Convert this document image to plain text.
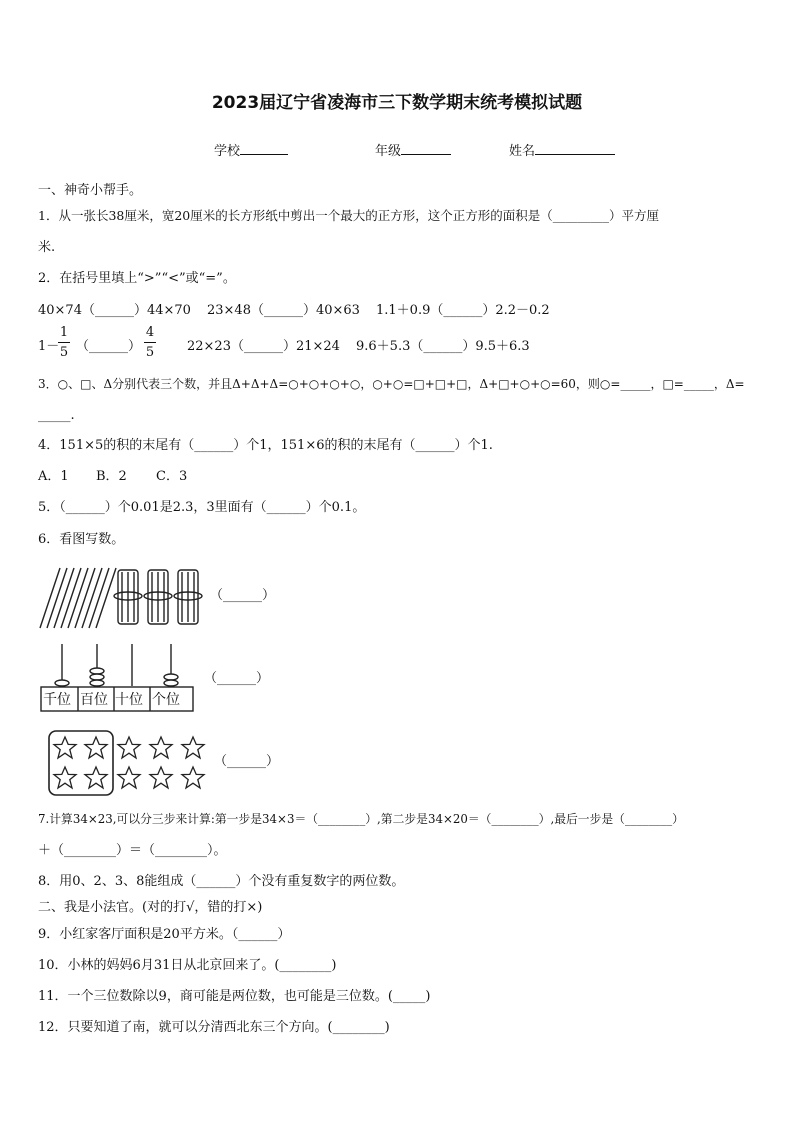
2023届辽宁省凌海市三下数学期末统考模拟试题
学校	年级	姓名
一、神奇小帮手。
1．从一张长38厘米，宽20厘米的长方形纸中剪出一个最大的正方形，这个正方形的面积是（_________）平方厘
米.
2．在括号里填上“>”“<”或“=”。
40×74（______）44×70 23×48（______）40×63 1.1＋0.9（______）2.2－0.2
1－
1
5 （______）
4
5	22×23（______）21×24 9.6＋5.3（______）9.5＋6.3
3．○、□、Δ分别代表三个数，并且Δ+Δ+Δ=○+○+○+○，○+○=□+□+□，Δ+□+○+○=60，则○=_____，□=_____，Δ=
_____.
4．151×5的积的末尾有（______）个1，151×6的积的末尾有（______）个1.
A．1 B．2 C．3
5．（______）个0.01是2.3，3里面有（______）个0.1。
6．看图写数。
（______）
千位 百位 十位 个位
（______）
（______）
7.计算34×23,可以分三步来计算:第一步是34×3＝（________）,第二步是34×20＝（________）,最后一步是（________）
＋（________）＝（________）。
8．用0、2、3、8能组成（______）个没有重复数字的两位数。
二、我是小法官。(对的打√，错的打×)
9．小红家客厅面积是20平方米。（______）
10．小林的妈妈6月31日从北京回来了。(________)
11．一个三位数除以9，商可能是两位数，也可能是三位数。(_____)
12．只要知道了南，就可以分清西北东三个方向。(________)
